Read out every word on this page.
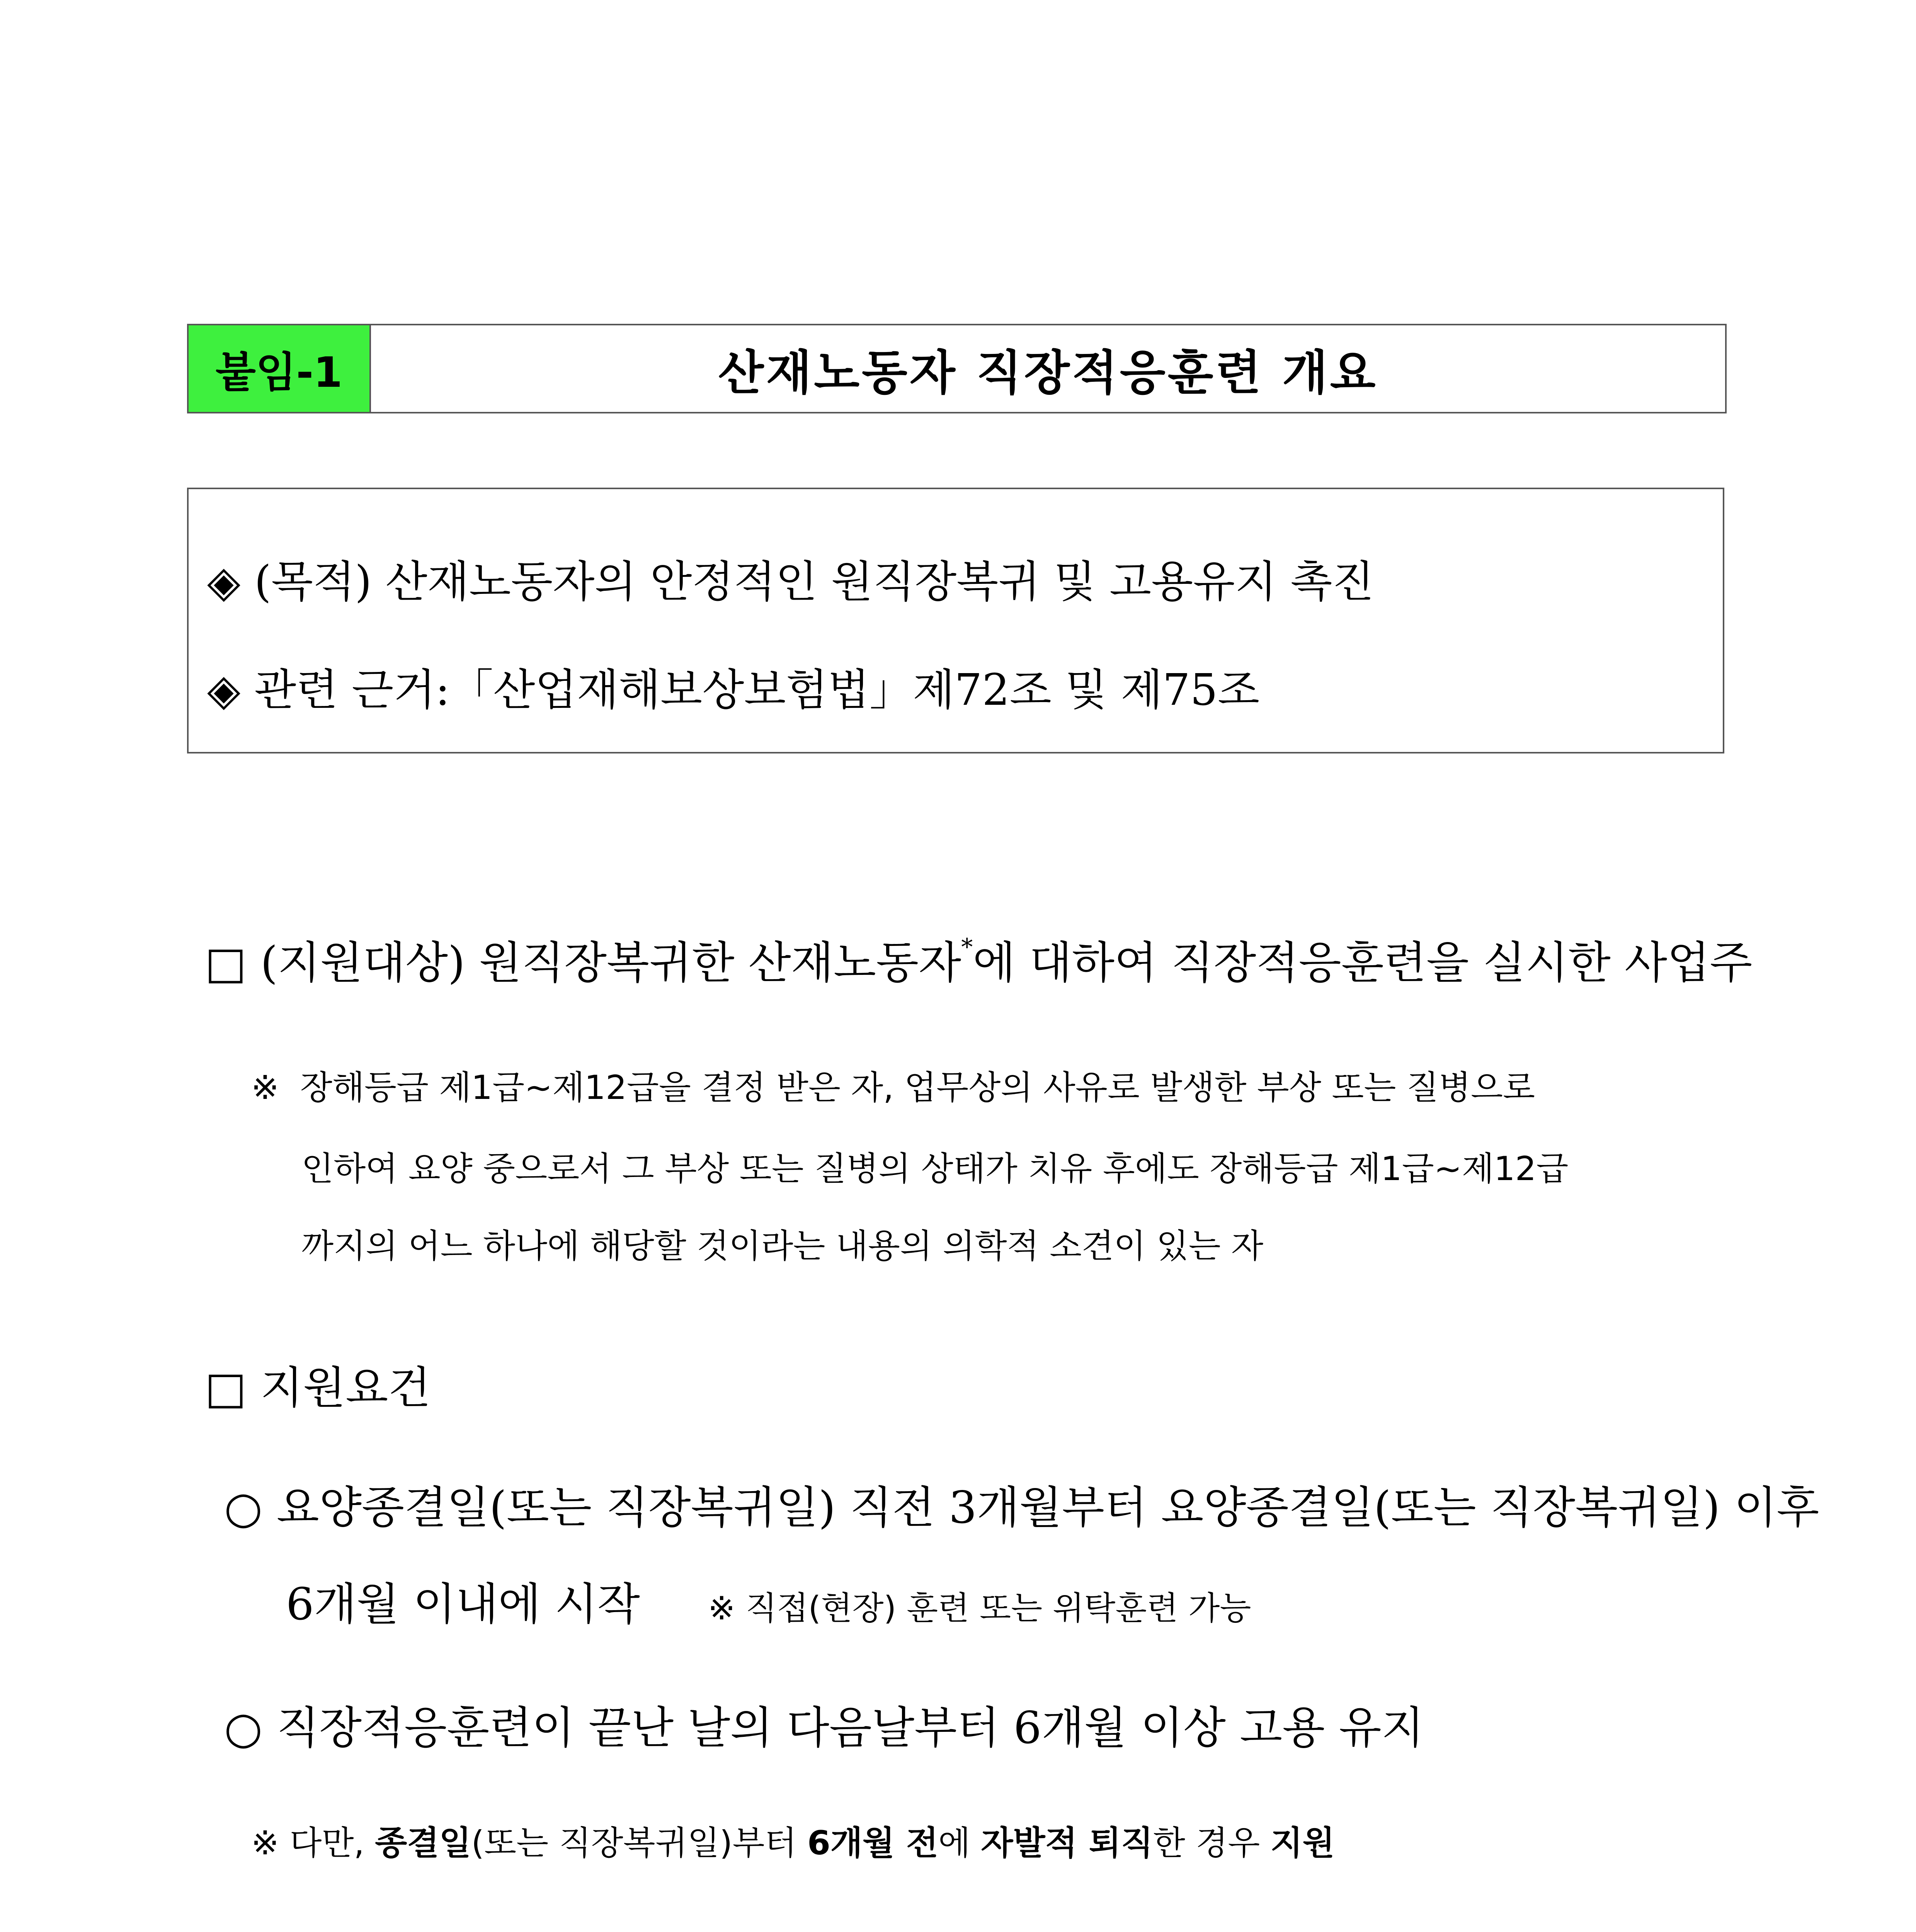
붙임-1	산재노동자 직장적응훈련 개요
◈ (목적) 산재노동자의 안정적인 원직장복귀 및 고용유지 촉진
◈ 관련 근거:「산업재해보상보험법」제72조 및 제75조
□ (지원대상) 원직장복귀한 산재노동자*에 대하여 직장적응훈련을 실시한 사업주
※ 장해등급 제1급∼제12급을 결정 받은 자, 업무상의 사유로 발생한 부상 또는 질병으로
인하여 요양 중으로서 그 부상 또는 질병의 상태가 치유 후에도 장해등급 제1급~제12급
까지의 어느 하나에 해당할 것이라는 내용의 의학적 소견이 있는 자
□ 지원요건
○ 요양종결일(또는 직장복귀일) 직전 3개월부터 요양종결일(또는 직장복귀일) 이후
6개월 이내에 시작 ※ 직접(현장) 훈련 또는 위탁훈련 가능
○ 직장적응훈련이 끝난 날의 다음날부터 6개월 이상 고용 유지
※ 다만, 종결일(또는 직장복귀일)부터 6개월 전에 자발적 퇴직한 경우 지원
